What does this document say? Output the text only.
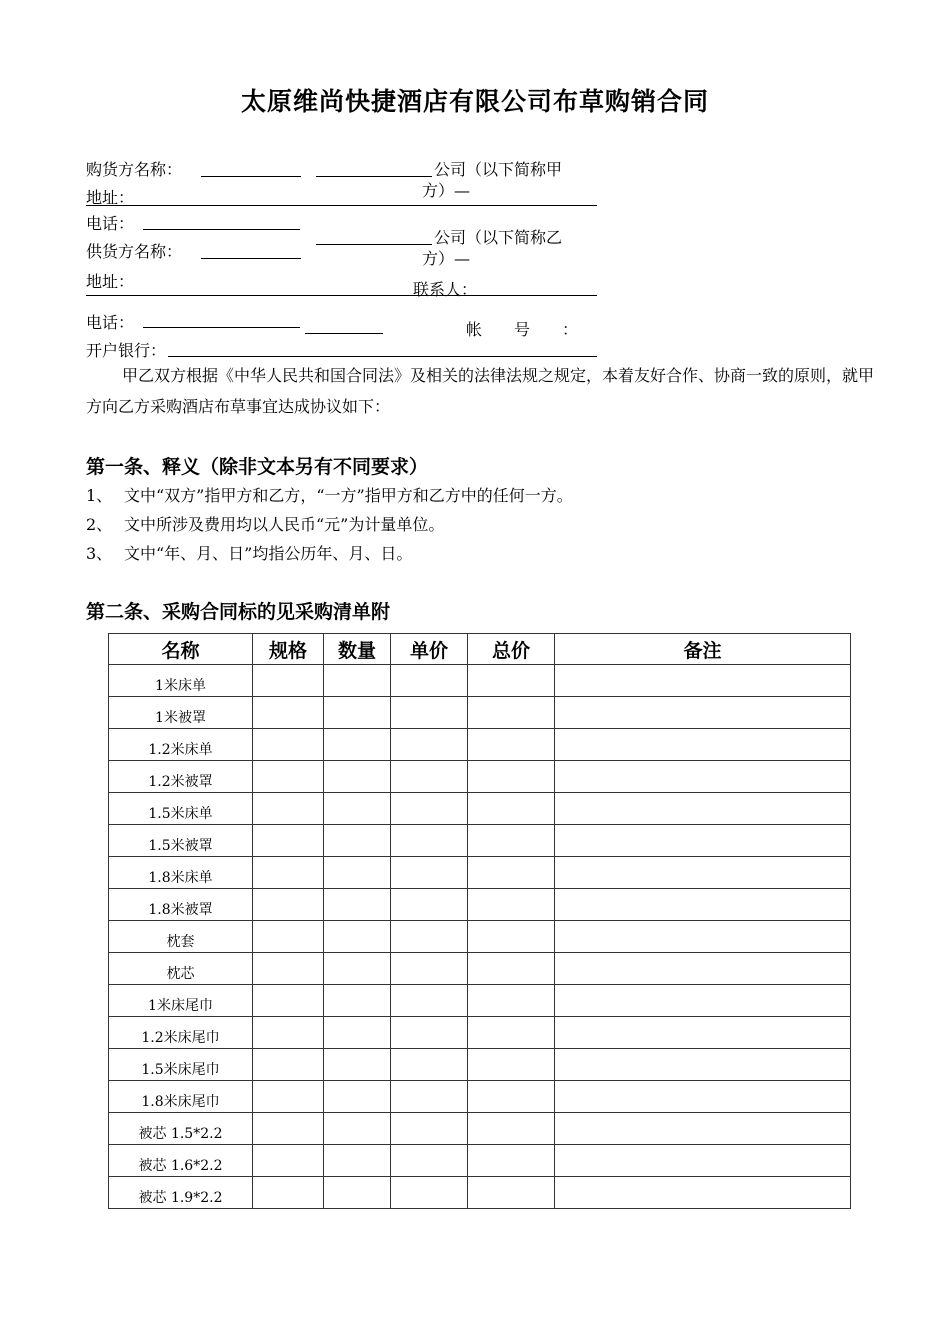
太原维尚快捷酒店有限公司布草购销合同
购货方名称：	公司（以下简称甲
方）—
地址：
电话：
供货方名称：
公司（以下简称乙
方）—
地址：	联系人：
电话：	帐　　号　　：
开户银行：
甲乙双方根据《中华人民共和国合同法》及相关的法律法规之规定，本着友好合作、协商一致的原则，就甲方向乙方采购酒店布草事宜达成协议如下：
第一条、释义（除非文本另有不同要求）
1、 文中“双方”指甲方和乙方，“一方”指甲方和乙方中的任何一方。
2、 文中所涉及费用均以人民币“元”为计量单位。
3、 文中“年、月、日”均指公历年、月、日。
第二条、采购合同标的见采购清单附
名称	规格	数量	单价	总价	备注
1米床单					
1米被罩					
1.2米床单					
1.2米被罩					
1.5米床单					
1.5米被罩					
1.8米床单					
1.8米被罩					
枕套					
枕芯					
1米床尾巾					
1.2米床尾巾					
1.5米床尾巾					
1.8米床尾巾					
被芯 1.5*2.2					
被芯 1.6*2.2					
被芯 1.9*2.2					
